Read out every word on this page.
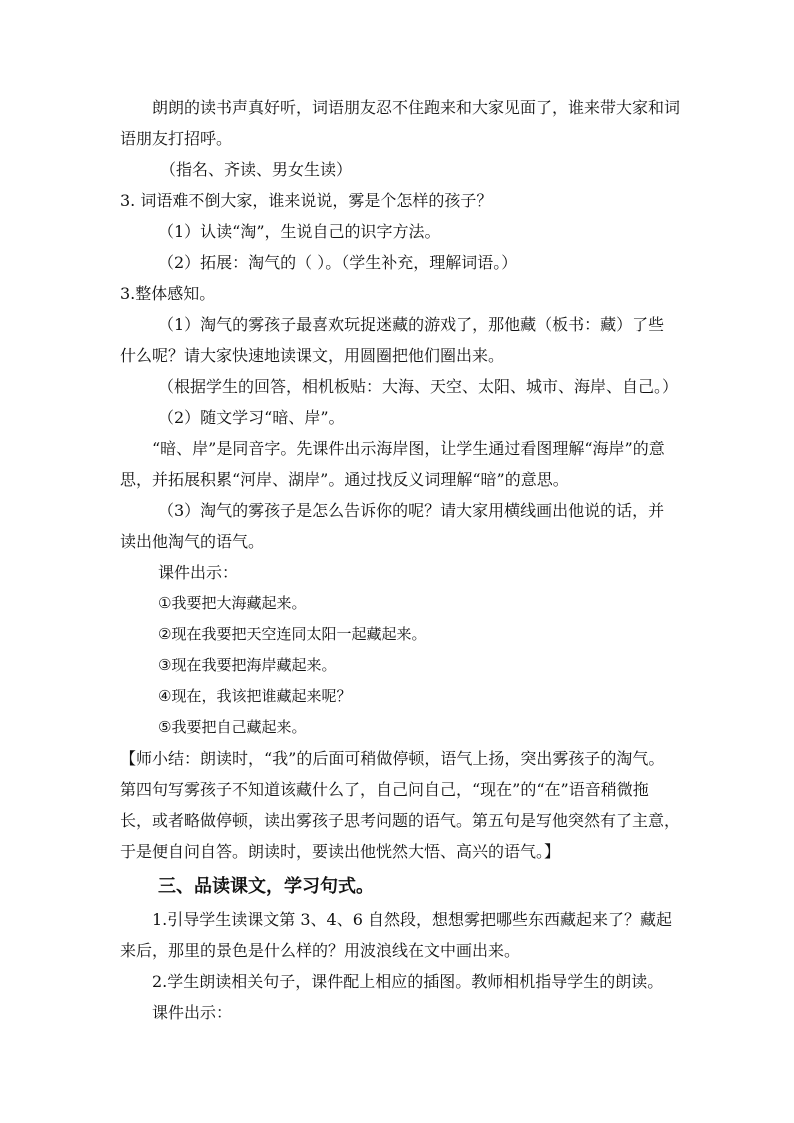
朗朗的读书声真好听，词语朋友忍不住跑来和大家见面了，谁来带大家和词语朋友打招呼。

（指名、齐读、男女生读）

3. 词语难不倒大家，谁来说说，雾是个怎样的孩子？

（1）认读“淘”，生说自己的识字方法。

（2）拓展：淘气的（ ）。（学生补充，理解词语。）

3.整体感知。

（1）淘气的雾孩子最喜欢玩捉迷藏的游戏了，那他藏（板书：藏）了些什么呢？请大家快速地读课文，用圆圈把他们圈出来。

（根据学生的回答，相机板贴：大海、天空、太阳、城市、海岸、自己。）

（2）随文学习“暗、岸”。

“暗、岸”是同音字。先课件出示海岸图，让学生通过看图理解“海岸”的意思，并拓展积累“河岸、湖岸”。通过找反义词理解“暗”的意思。

（3）淘气的雾孩子是怎么告诉你的呢？请大家用横线画出他说的话，并读出他淘气的语气。

课件出示：

①我要把大海藏起来。

②现在我要把天空连同太阳一起藏起来。

③现在我要把海岸藏起来。

④现在，我该把谁藏起来呢？

⑤我要把自己藏起来。

【师小结：朗读时，“我”的后面可稍做停顿，语气上扬，突出雾孩子的淘气。第四句写雾孩子不知道该藏什么了，自己问自己，“现在”的“在”语音稍微拖长，或者略做停顿，读出雾孩子思考问题的语气。第五句是写他突然有了主意，于是便自问自答。朗读时，要读出他恍然大悟、高兴的语气。】

三、品读课文，学习句式。

1.引导学生读课文第 3、4、6 自然段，想想雾把哪些东西藏起来了？藏起来后，那里的景色是什么样的？用波浪线在文中画出来。

2.学生朗读相关句子，课件配上相应的插图。教师相机指导学生的朗读。

课件出示：
